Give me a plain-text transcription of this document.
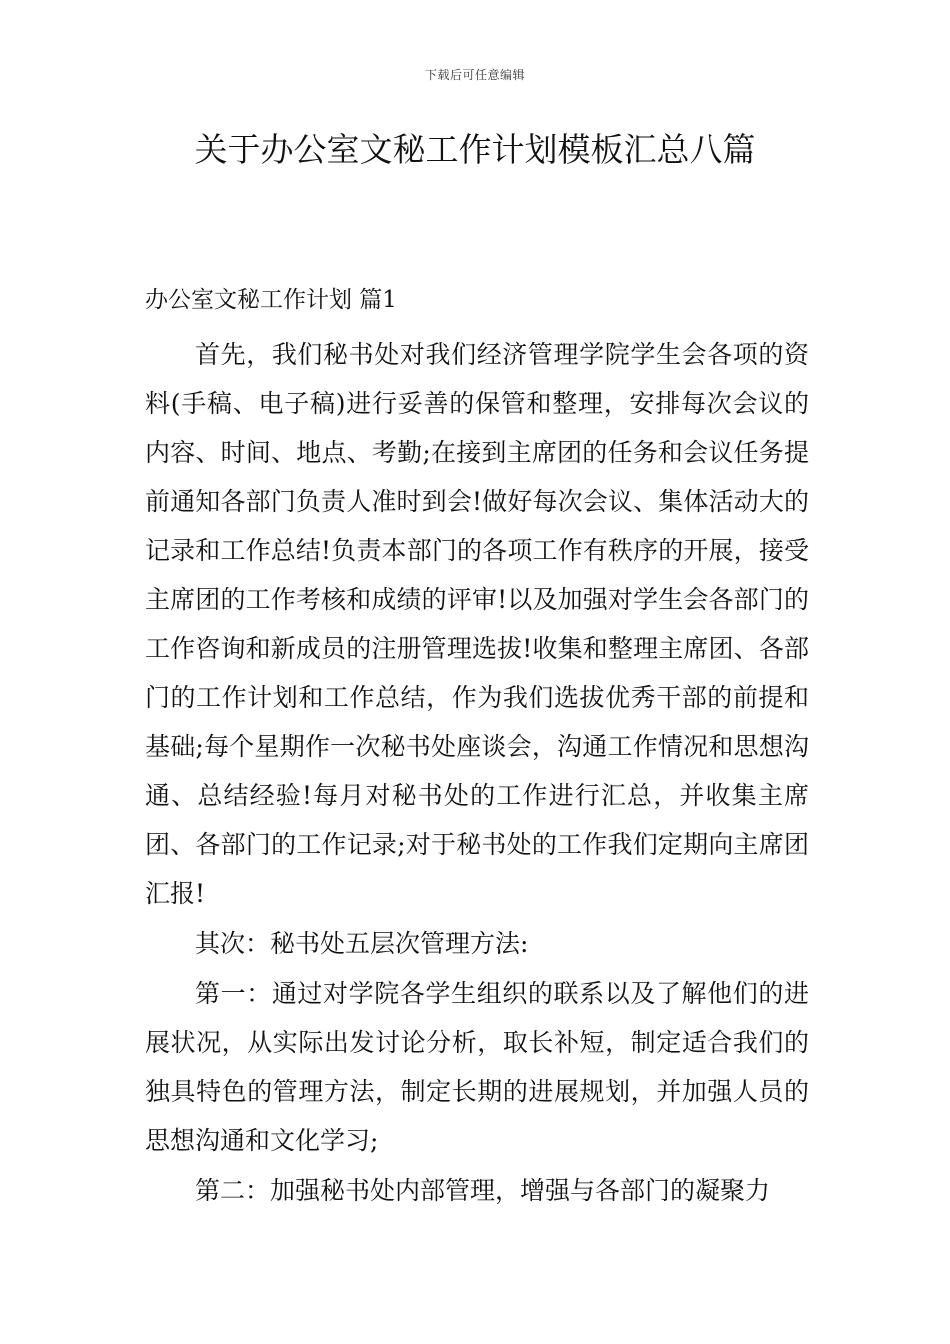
下载后可任意编辑
关于办公室文秘工作计划模板汇总八篇
办公室文秘工作计划 篇1

首先，我们秘书处对我们经济管理学院学生会各项的资料(手稿、电子稿)进行妥善的保管和整理，安排每次会议的内容、时间、地点、考勤;在接到主席团的任务和会议任务提前通知各部门负责人准时到会!做好每次会议、集体活动大的记录和工作总结!负责本部门的各项工作有秩序的开展，接受主席团的工作考核和成绩的评审!以及加强对学生会各部门的工作咨询和新成员的注册管理选拔!收集和整理主席团、各部门的工作计划和工作总结，作为我们选拔优秀干部的前提和基础;每个星期作一次秘书处座谈会，沟通工作情况和思想沟通、总结经验!每月对秘书处的工作进行汇总，并收集主席团、各部门的工作记录;对于秘书处的工作我们定期向主席团汇报!

其次：秘书处五层次管理方法:

第一：通过对学院各学生组织的联系以及了解他们的进展状况，从实际出发讨论分析，取长补短，制定适合我们的独具特色的管理方法，制定长期的进展规划，并加强人员的思想沟通和文化学习;

第二：加强秘书处内部管理，增强与各部门的凝聚力
